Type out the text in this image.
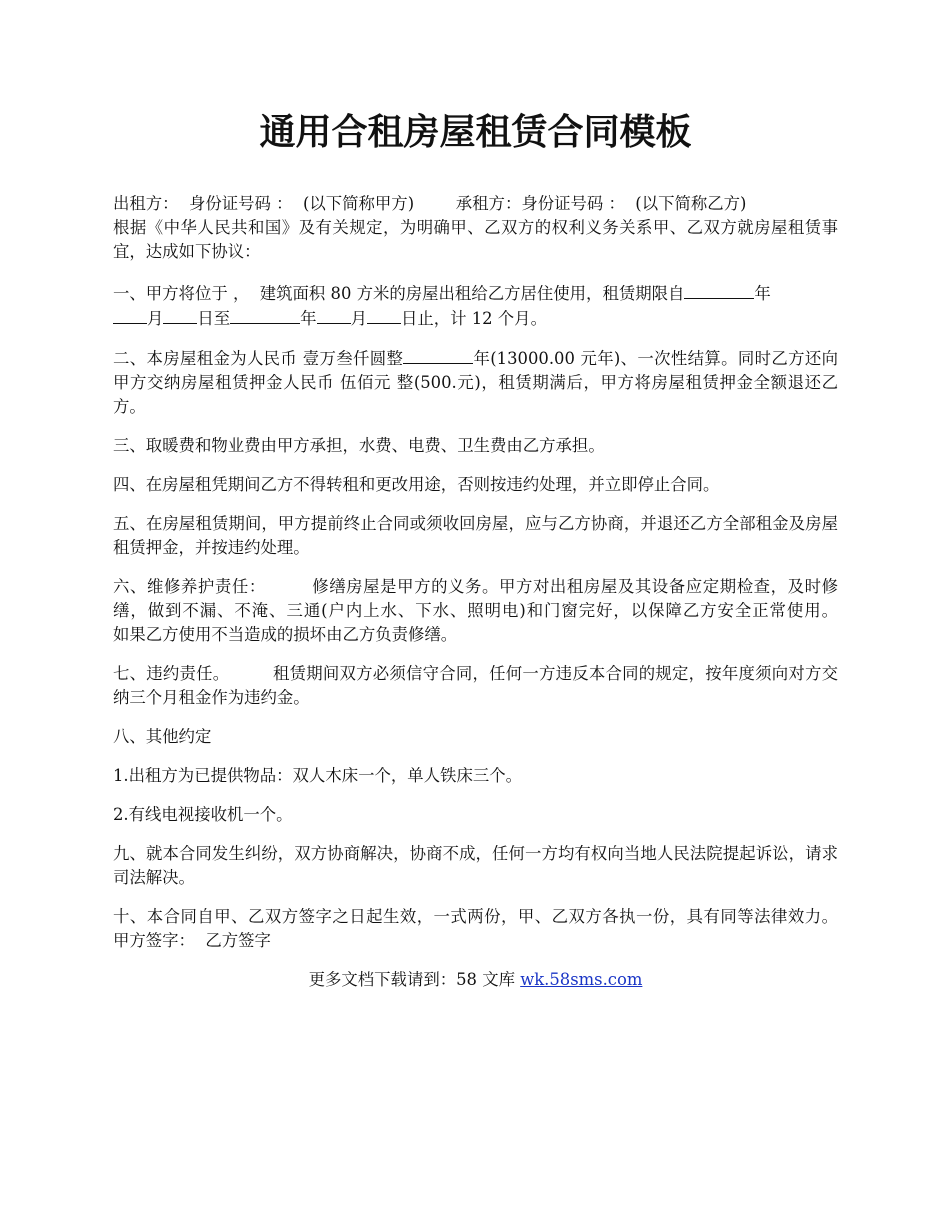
通用合租房屋租赁合同模板

出租方：  身份证号码 ：  (以下简称甲方)        承租方：身份证号码 ：  (以下简称乙方)

根据《中华人民共和国》及有关规定，为明确甲、乙双方的权利义务关系甲、乙双方就房屋租赁事宜，达成如下协议：

一、甲方将位于 ，  建筑面积 80 方米的房屋出租给乙方居住使用，租赁期限自	年
月 日至	年 月 日止，计 12 个月。

二、本房屋租金为人民币 壹万叁仟圆整	年(13000.00 元年)、一次性结算。同时乙方还向甲方交纳房屋租赁押金人民币 伍佰元 整(500.元)，租赁期满后，甲方将房屋租赁押金全额退还乙方。

三、取暖费和物业费由甲方承担，水费、电费、卫生费由乙方承担。

四、在房屋租凭期间乙方不得转租和更改用途，否则按违约处理，并立即停止合同。

五、在房屋租赁期间，甲方提前终止合同或须收回房屋，应与乙方协商，并退还乙方全部租金及房屋租赁押金，并按违约处理。

六、维修养护责任：        修缮房屋是甲方的义务。甲方对出租房屋及其设备应定期检查，及时修缮，做到不漏、不淹、三通(户内上水、下水、照明电)和门窗完好，以保障乙方安全正常使用。        如果乙方使用不当造成的损坏由乙方负责修缮。

七、违约责任。        租赁期间双方必须信守合同，任何一方违反本合同的规定，按年度须向对方交纳三个月租金作为违约金。

八、其他约定

1.出租方为已提供物品：双人木床一个，单人铁床三个。

2.有线电视接收机一个。

九、就本合同发生纠纷，双方协商解决，协商不成，任何一方均有权向当地人民法院提起诉讼，请求司法解决。

十、本合同自甲、乙双方签字之日起生效，一式两份，甲、乙双方各执一份，具有同等法律效力。        甲方签字：  乙方签字

更多文档下载请到：58 文库 wk.58sms.com
